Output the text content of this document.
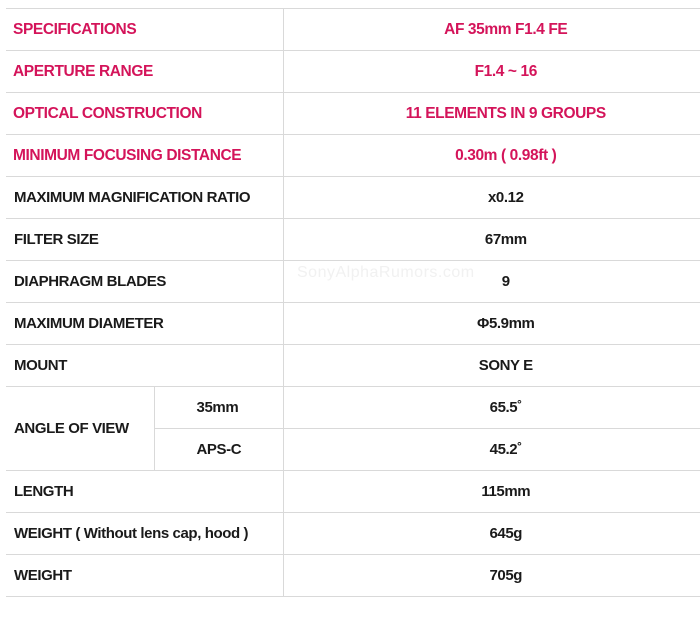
SPECIFICATIONS		AF 35mm F1.4 FE
APERTURE RANGE		F1.4 ~ 16
OPTICAL CONSTRUCTION		11 ELEMENTS IN 9 GROUPS
MINIMUM FOCUSING DISTANCE		0.30m ( 0.98ft )
MAXIMUM MAGNIFICATION RATIO		x0.12
FILTER SIZE		67mm
DIAPHRAGM BLADES		9
MAXIMUM DIAMETER		Φ5.9mm
MOUNT		SONY E
ANGLE OF VIEW	35mm	65.5˚
	APS-C	45.2˚
LENGTH		115mm
WEIGHT ( Without lens cap, hood )		645g
WEIGHT		705g
SonyAlphaRumors.com
